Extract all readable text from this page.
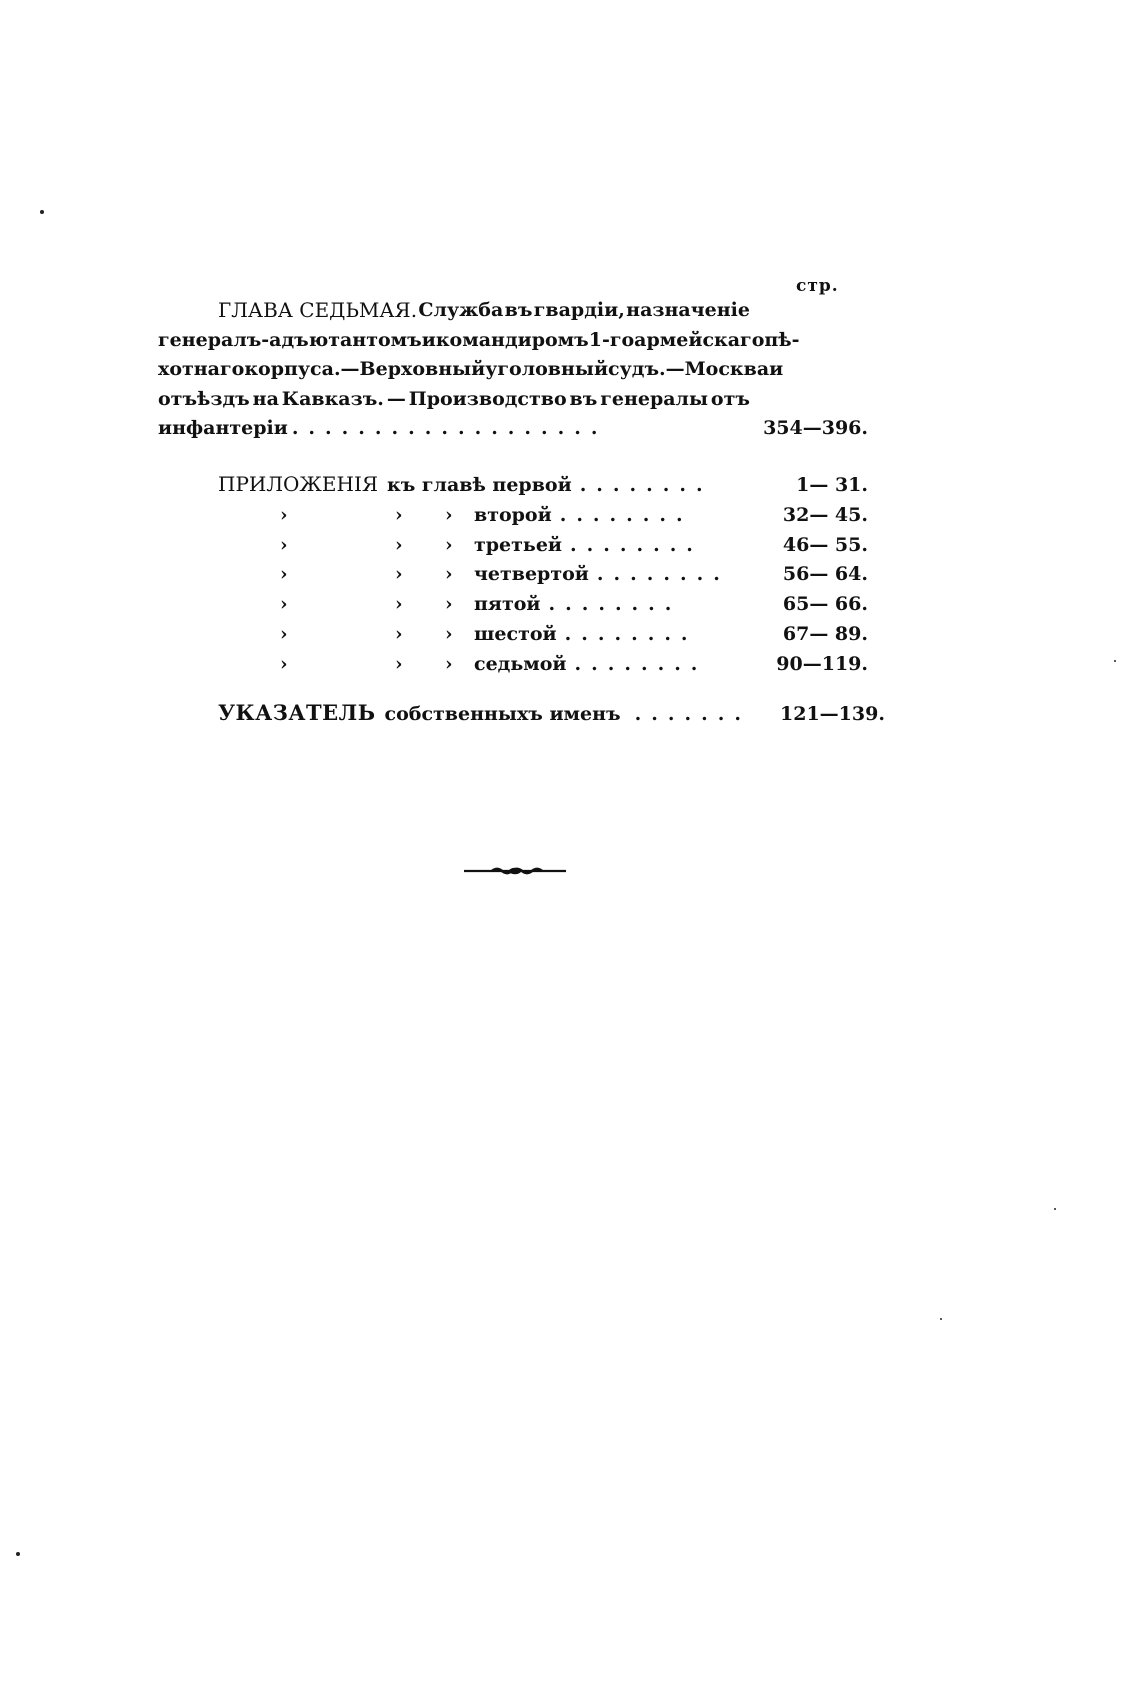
стр.
ГЛАВА СЕДЬМАЯ. Служба въ гвардіи, назначеніе
генералъ-адъютантомъ и командиромъ 1-го армейскаго пѣ-
хотнаго корпуса.—Верховный уголовный судъ.—Москва и
отъѣздъ на Кавказъ. — Производство въ генералы отъ
инфантеріи ...................	354—396.
ПРИЛОЖЕНІЯ къ главѣ первой ........	1— 31.
›	›	›	второй ........	32— 45.
›	›	›	третьей ........	46— 55.
›	›	›	четвертой ........	56— 64.
›	›	›	пятой ........	65— 66.
›	›	›	шестой ........	67— 89.
›	›	›	седьмой ........	90—119.
УКАЗАТЕЛЬ собственныхъ именъ .......	121—139.
